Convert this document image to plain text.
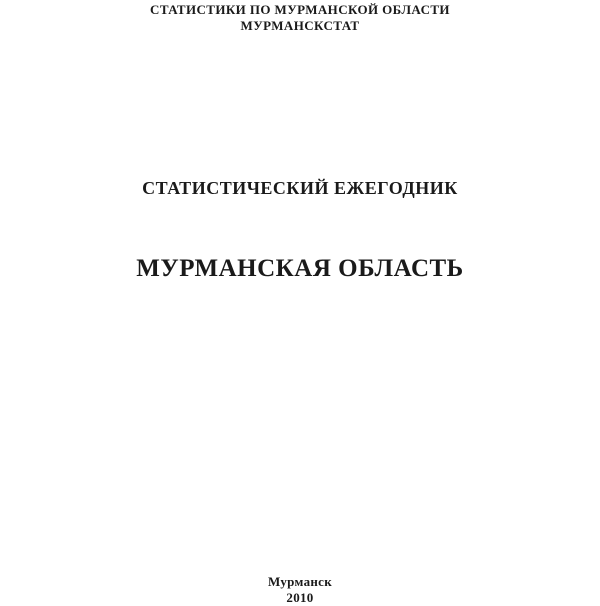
СТАТИСТИКИ ПО МУРМАНСКОЙ ОБЛАСТИ
МУРМАНСКСТАТ
СТАТИСТИЧЕСКИЙ ЕЖЕГОДНИК
МУРМАНСКАЯ ОБЛАСТЬ
Мурманск
2010
